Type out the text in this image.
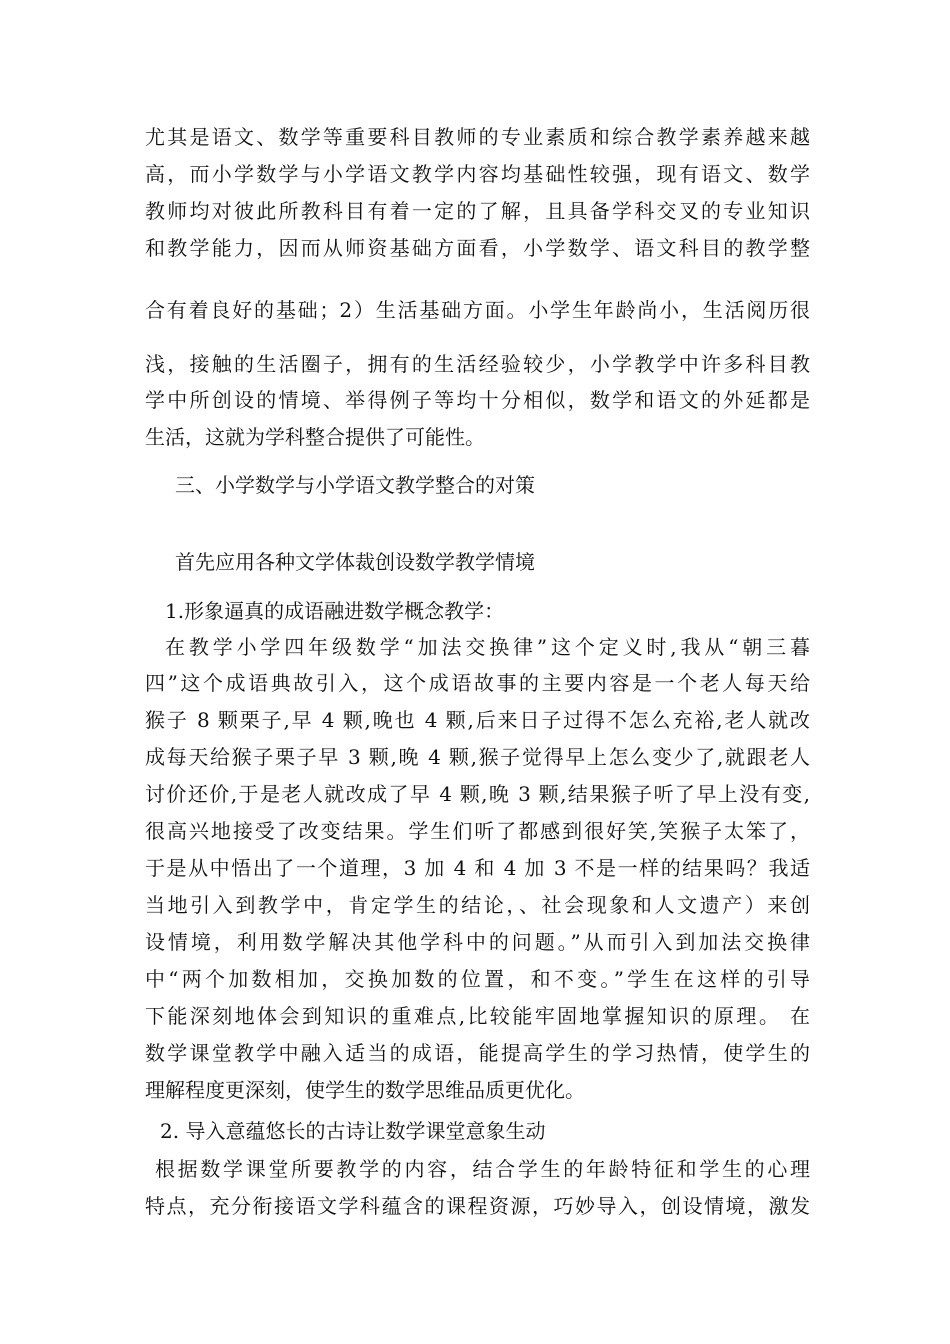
尤其是语文、数学等重要科目教师的专业素质和综合教学素养越来越
高，而小学数学与小学语文教学内容均基础性较强，现有语文、数学
教师均对彼此所教科目有着一定的了解，且具备学科交叉的专业知识
和教学能力，因而从师资基础方面看，小学数学、语文科目的教学整
合有着良好的基础；2）生活基础方面。小学生年龄尚小，生活阅历很
浅，接触的生活圈子，拥有的生活经验较少，小学教学中许多科目教
学中所创设的情境、举得例子等均十分相似，数学和语文的外延都是
生活，这就为学科整合提供了可能性。
三、小学数学与小学语文教学整合的对策
首先应用各种文学体裁创设数学教学情境
1.形象逼真的成语融进数学概念教学：
在教学小学四年级数学“加法交换律”这个定义时,我从“朝三暮
四”这个成语典故引入，这个成语故事的主要内容是一个老人每天给
猴子 8 颗栗子,早 4 颗,晚也 4 颗,后来日子过得不怎么充裕,老人就改
成每天给猴子栗子早 3 颗,晚 4 颗,猴子觉得早上怎么变少了,就跟老人
讨价还价,于是老人就改成了早 4 颗,晚 3 颗,结果猴子听了早上没有变,
很高兴地接受了改变结果。学生们听了都感到很好笑,笑猴子太笨了，
于是从中悟出了一个道理，3 加 4 和 4 加 3 不是一样的结果吗？我适
当地引入到教学中，肯定学生的结论，、社会现象和人文遗产）来创
设情境，利用数学解决其他学科中的问题。”从而引入到加法交换律
中“两个加数相加，交换加数的位置，和不变。”学生在这样的引导
下能深刻地体会到知识的重难点,比较能牢固地掌握知识的原理。 在
数学课堂教学中融入适当的成语，能提高学生的学习热情，使学生的
理解程度更深刻，使学生的数学思维品质更优化。
2. 导入意蕴悠长的古诗让数学课堂意象生动
根据数学课堂所要教学的内容，结合学生的年龄特征和学生的心理
特点，充分衔接语文学科蕴含的课程资源，巧妙导入，创设情境，激发
